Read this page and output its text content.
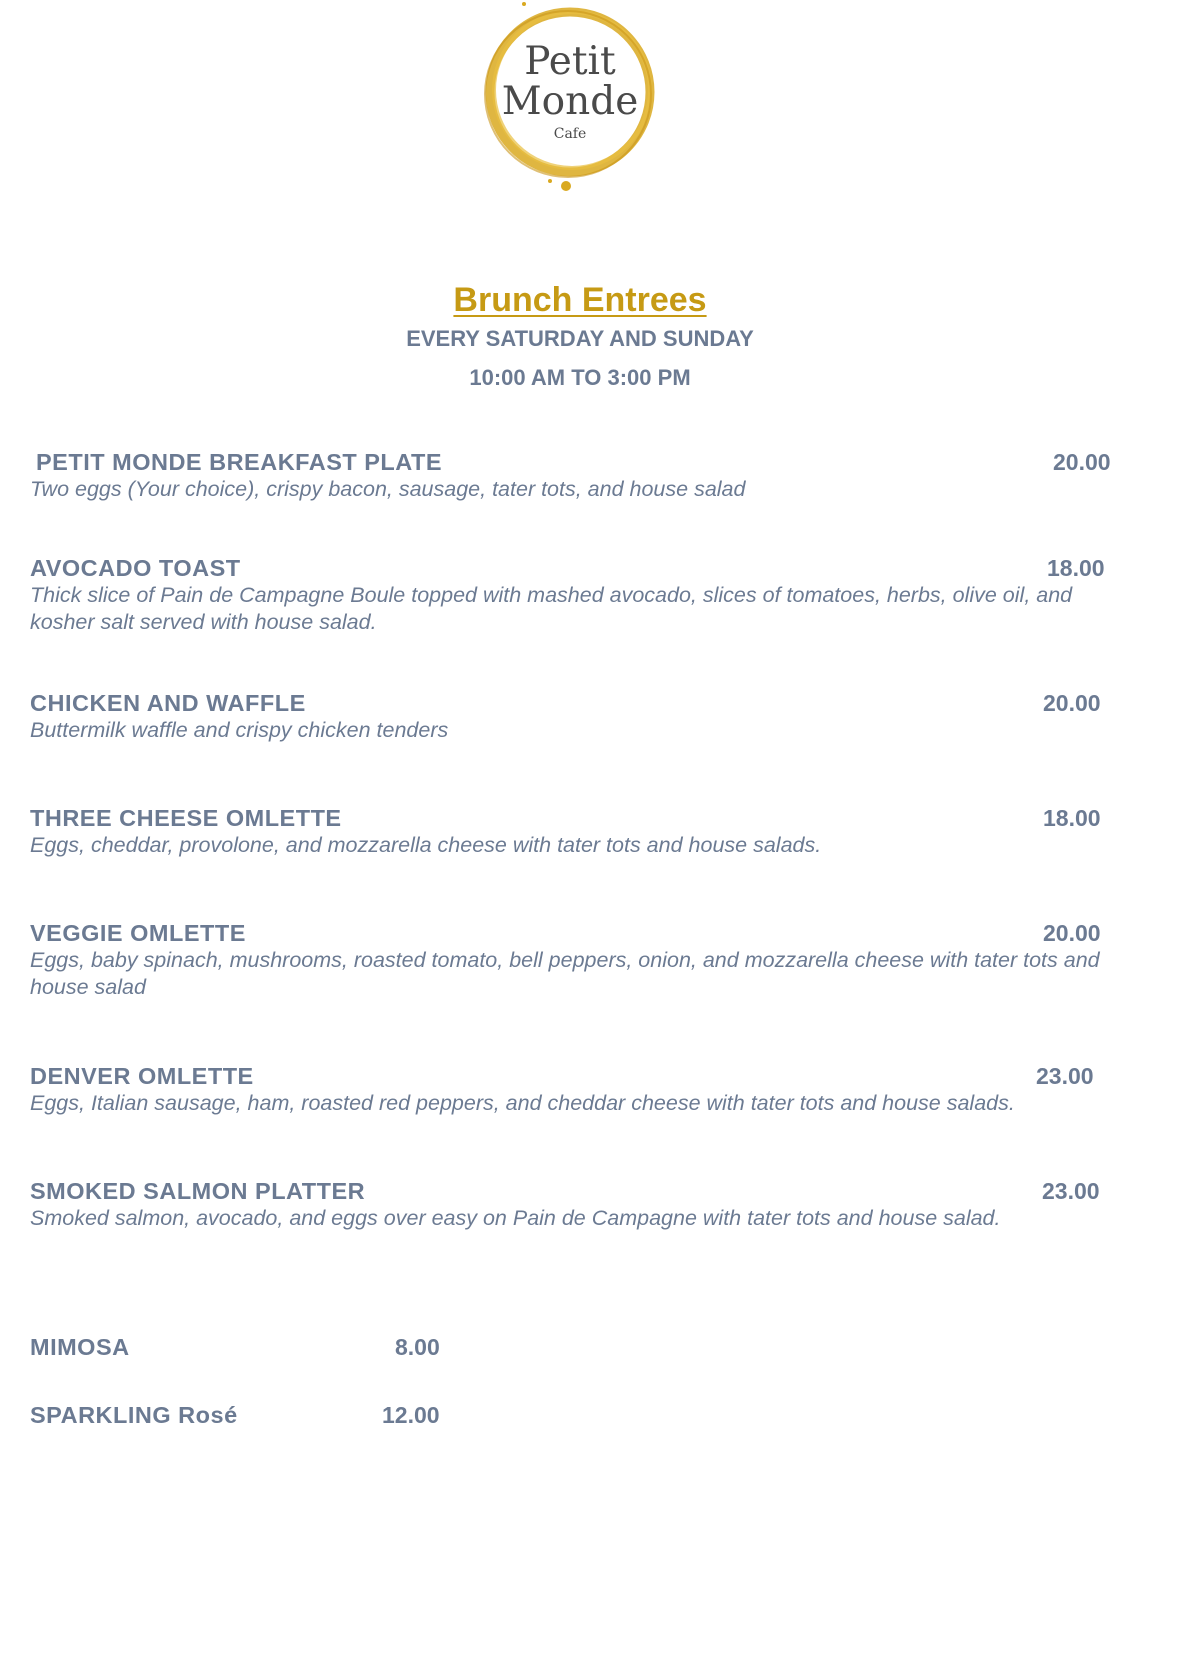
Petit Monde
Cafe
Brunch Entrees
EVERY SATURDAY AND SUNDAY
10:00 AM TO 3:00 PM
PETIT MONDE BREAKFAST PLATE	20.00
Two eggs (Your choice), crispy bacon, sausage, tater tots, and house salad
AVOCADO TOAST	18.00
Thick slice of Pain de Campagne Boule topped with mashed avocado, slices of tomatoes, herbs, olive oil, and kosher salt served with house salad.
CHICKEN AND WAFFLE	20.00
Buttermilk waffle and crispy chicken tenders
THREE CHEESE OMLETTE	18.00
Eggs, cheddar, provolone, and mozzarella cheese with tater tots and house salads.
VEGGIE OMLETTE	20.00
Eggs, baby spinach, mushrooms, roasted tomato, bell peppers, onion, and mozzarella cheese with tater tots and house salad
DENVER OMLETTE	23.00
Eggs, Italian sausage, ham, roasted red peppers, and cheddar cheese with tater tots and house salads.
SMOKED SALMON PLATTER	23.00
Smoked salmon, avocado, and eggs over easy on Pain de Campagne with tater tots and house salad.
MIMOSA	8.00
SPARKLING Rosé	12.00
